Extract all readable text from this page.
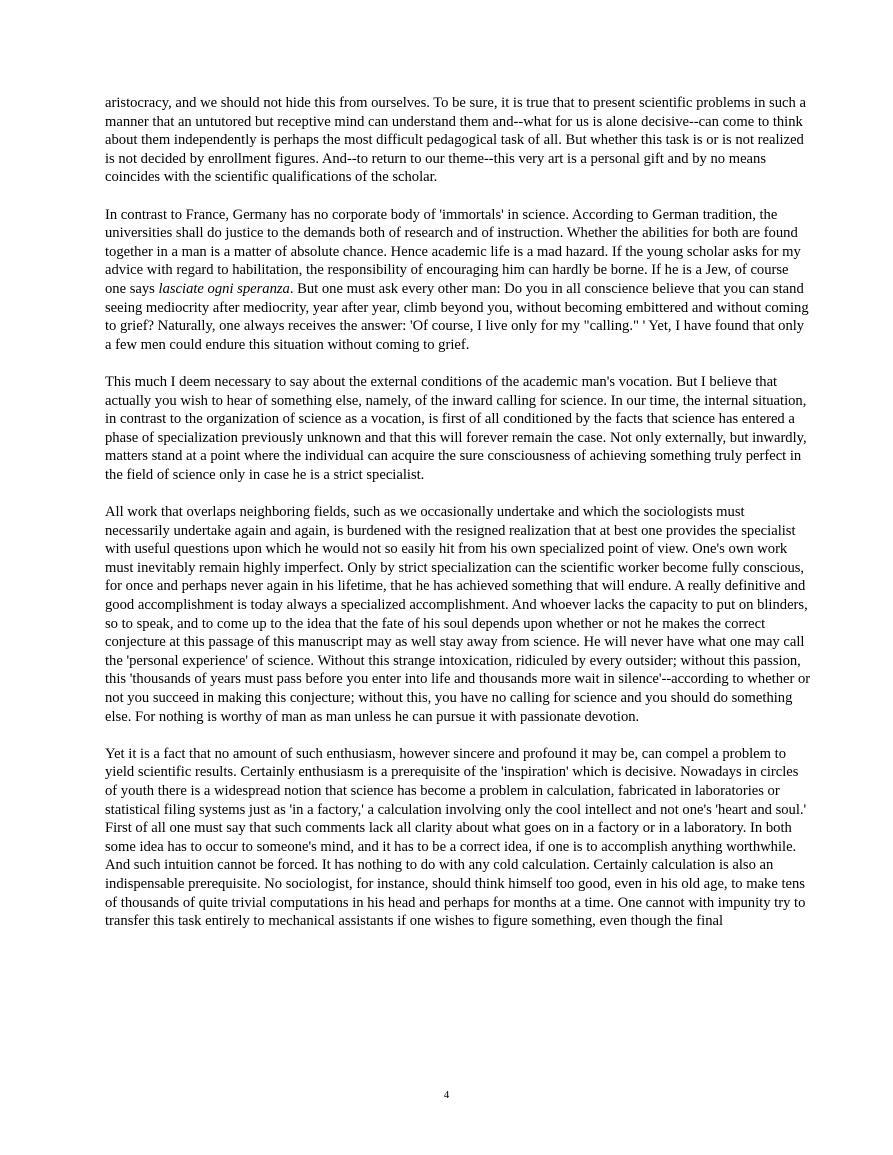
aristocracy, and we should not hide this from ourselves. To be sure, it is true that to present scientific problems in such a manner that an untutored but receptive mind can understand them and--what for us is alone decisive--can come to think about them independently is perhaps the most difficult pedagogical task of all. But whether this task is or is not realized is not decided by enrollment figures. And--to return to our theme--this very art is a personal gift and by no means coincides with the scientific qualifications of the scholar.

In contrast to France, Germany has no corporate body of 'immortals' in science. According to German tradition, the universities shall do justice to the demands both of research and of instruction. Whether the abilities for both are found together in a man is a matter of absolute chance. Hence academic life is a mad hazard. If the young scholar asks for my advice with regard to habilitation, the responsibility of encouraging him can hardly be borne. If he is a Jew, of course one says lasciate ogni speranza. But one must ask every other man: Do you in all conscience believe that you can stand seeing mediocrity after mediocrity, year after year, climb beyond you, without becoming embittered and without coming to grief? Naturally, one always receives the answer: 'Of course, I live only for my "calling." ' Yet, I have found that only a few men could endure this situation without coming to grief.

This much I deem necessary to say about the external conditions of the academic man's vocation. But I believe that actually you wish to hear of something else, namely, of the inward calling for science. In our time, the internal situation, in contrast to the organization of science as a vocation, is first of all conditioned by the facts that science has entered a phase of specialization previously unknown and that this will forever remain the case. Not only externally, but inwardly, matters stand at a point where the individual can acquire the sure consciousness of achieving something truly perfect in the field of science only in case he is a strict specialist.

All work that overlaps neighboring fields, such as we occasionally undertake and which the sociologists must necessarily undertake again and again, is burdened with the resigned realization that at best one provides the specialist with useful questions upon which he would not so easily hit from his own specialized point of view. One's own work must inevitably remain highly imperfect. Only by strict specialization can the scientific worker become fully conscious, for once and perhaps never again in his lifetime, that he has achieved something that will endure. A really definitive and good accomplishment is today always a specialized accomplishment. And whoever lacks the capacity to put on blinders, so to speak, and to come up to the idea that the fate of his soul depends upon whether or not he makes the correct conjecture at this passage of this manuscript may as well stay away from science. He will never have what one may call the 'personal experience' of science. Without this strange intoxication, ridiculed by every outsider; without this passion, this 'thousands of years must pass before you enter into life and thousands more wait in silence'--according to whether or not you succeed in making this conjecture; without this, you have no calling for science and you should do something else. For nothing is worthy of man as man unless he can pursue it with passionate devotion.

Yet it is a fact that no amount of such enthusiasm, however sincere and profound it may be, can compel a problem to yield scientific results. Certainly enthusiasm is a prerequisite of the 'inspiration' which is decisive. Nowadays in circles of youth there is a widespread notion that science has become a problem in calculation, fabricated in laboratories or statistical filing systems just as 'in a factory,' a calculation involving only the cool intellect and not one's 'heart and soul.' First of all one must say that such comments lack all clarity about what goes on in a factory or in a laboratory. In both some idea has to occur to someone's mind, and it has to be a correct idea, if one is to accomplish anything worthwhile. And such intuition cannot be forced. It has nothing to do with any cold calculation. Certainly calculation is also an indispensable prerequisite. No sociologist, for instance, should think himself too good, even in his old age, to make tens of thousands of quite trivial computations in his head and perhaps for months at a time. One cannot with impunity try to transfer this task entirely to mechanical assistants if one wishes to figure something, even though the final

4
